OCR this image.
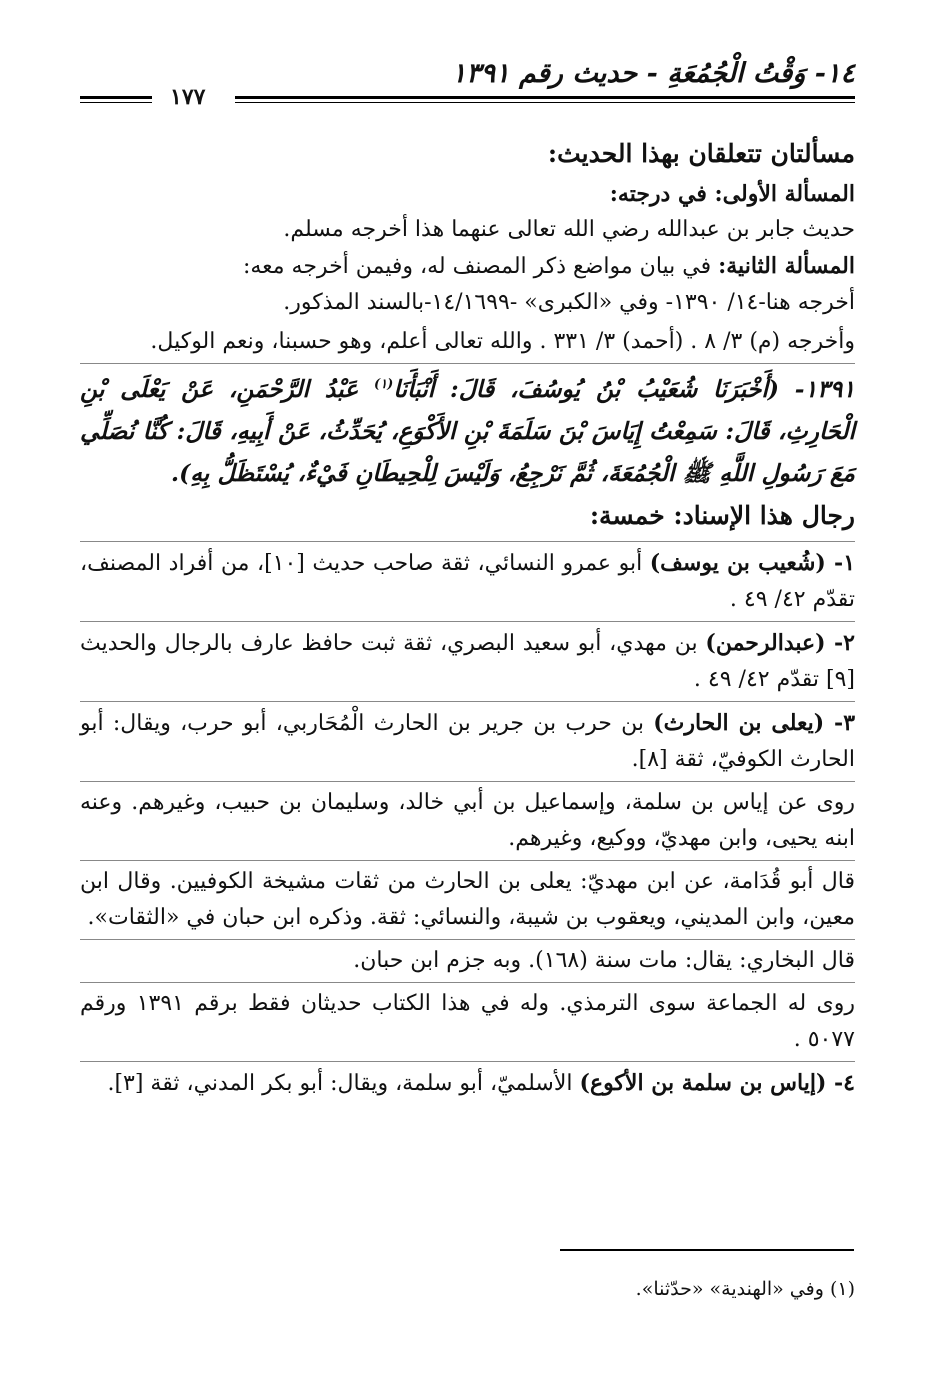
١٤- وَقْتُ الْجُمُعَةِ - حديث رقم ١٣٩١
١٧٧

مسألتان تتعلقان بهذا الحديث:

المسألة الأولى: في درجته:

حديث جابر بن عبدالله رضي الله تعالى عنهما هذا أخرجه مسلم.

المسألة الثانية: في بيان مواضع ذكر المصنف له، وفيمن أخرجه معه:

أخرجه هنا-١٤/ ١٣٩٠- وفي «الكبرى» -١٤/١٦٩٩-بالسند المذكور.

وأخرجه (م) ٣/ ٨ . (أحمد) ٣/ ٣٣١ . والله تعالى أعلم، وهو حسبنا، ونعم الوكيل.

١٣٩١- (أَخْبَرَنَا شُعَيْبُ بْنُ يُوسُفَ، قَالَ: أَنْبَأَنَا$^{(١)}$ عَبْدُ الرَّحْمَنِ، عَنْ يَعْلَى بْنِ الْحَارِثِ، قَالَ: سَمِعْتُ إِيَاسَ بْنَ سَلَمَةَ بْنِ الأَكْوَعِ، يُحَدِّثُ، عَنْ أَبِيهِ، قَالَ: كُنَّا نُصَلِّي مَعَ رَسُولِ اللَّهِ ﷺ الْجُمُعَةَ، ثُمَّ نَرْجِعُ، وَلَيْسَ لِلْحِيطَانِ فَيْءٌ، يُسْتَظَلُّ بِهِ).

رجال هذا الإسناد: خمسة:

١- (شُعيب بن يوسف) أبو عمرو النسائي، ثقة صاحب حديث [١٠]، من أفراد المصنف، تقدّم ٤٢/ ٤٩ .

٢- (عبدالرحمن) بن مهدي، أبو سعيد البصري، ثقة ثبت حافظ عارف بالرجال والحديث [٩] تقدّم ٤٢/ ٤٩ .

٣- (يعلى بن الحارث) بن حرب بن جرير بن الحارث الْمُحَاربي، أبو حرب، ويقال: أبو الحارث الكوفيّ، ثقة [٨].

روى عن إياس بن سلمة، وإسماعيل بن أبي خالد، وسليمان بن حبيب، وغيرهم. وعنه ابنه يحيى، وابن مهديّ، ووكيع، وغيرهم.

قال أبو قُدَامة، عن ابن مهديّ: يعلى بن الحارث من ثقات مشيخة الكوفيين. وقال ابن معين، وابن المديني، ويعقوب بن شيبة، والنسائي: ثقة. وذكره ابن حبان في «الثقات».

قال البخاري: يقال: مات سنة (١٦٨). وبه جزم ابن حبان.

روى له الجماعة سوى الترمذي. وله في هذا الكتاب حديثان فقط برقم ١٣٩١ ورقم ٥٠٧٧ .

٤- (إياس بن سلمة بن الأكوع) الأسلميّ، أبو سلمة، ويقال: أبو بكر المدني، ثقة [٣].

(١) وفي «الهندية» «حدّثنا».
